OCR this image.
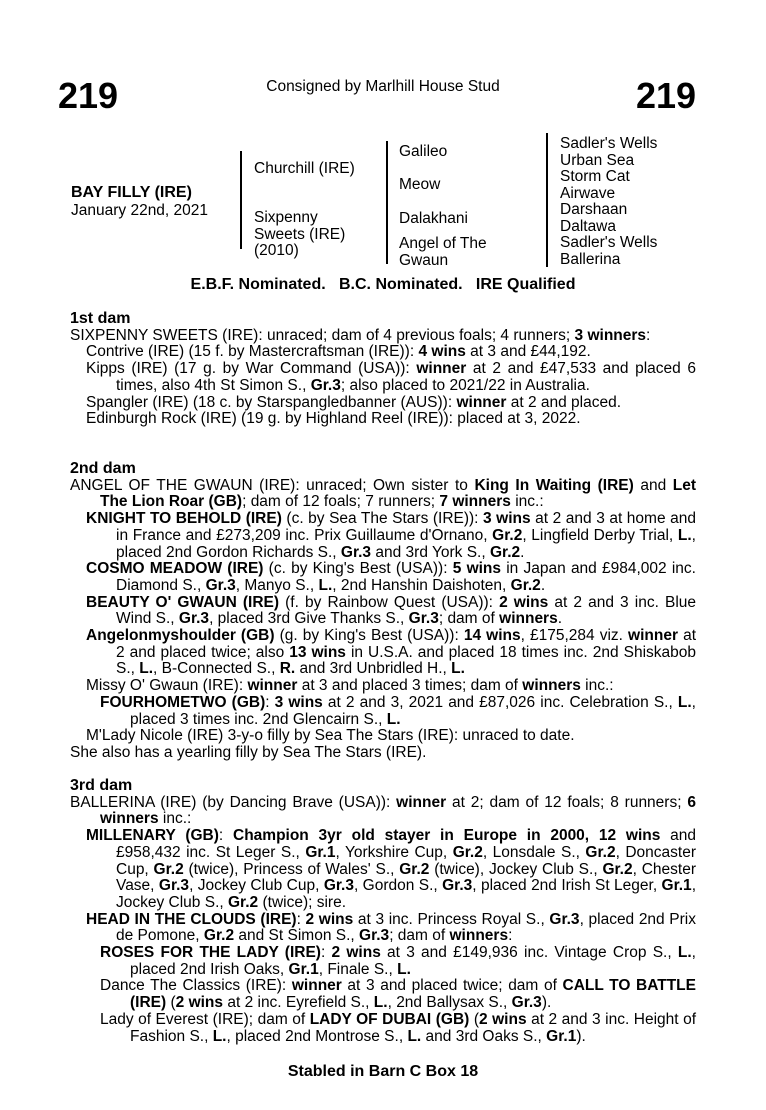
219	Consigned by Marlhill House Stud	219
BAY FILLY (IRE)
January 22nd, 2021
Churchill (IRE)
Sixpenny
Sweets (IRE)
(2010)
Galileo
Meow
Dalakhani
Angel of The
Gwaun
Sadler's Wells
Urban Sea
Storm Cat
Airwave
Darshaan
Daltawa
Sadler's Wells
Ballerina
E.B.F. Nominated.   B.C. Nominated.   IRE Qualified
1st dam
SIXPENNY SWEETS (IRE): unraced; dam of 4 previous foals; 4 runners; 3 winners:
Contrive (IRE) (15 f. by Mastercraftsman (IRE)): 4 wins at 3 and £44,192.
Kipps (IRE) (17 g. by War Command (USA)): winner at 2 and £47,533 and placed 6 times, also 4th St Simon S., Gr.3; also placed to 2021/22 in Australia.
Spangler (IRE) (18 c. by Starspangledbanner (AUS)): winner at 2 and placed.
Edinburgh Rock (IRE) (19 g. by Highland Reel (IRE)): placed at 3, 2022.
2nd dam
ANGEL OF THE GWAUN (IRE): unraced; Own sister to King In Waiting (IRE) and Let The Lion Roar (GB); dam of 12 foals; 7 runners; 7 winners inc.:
KNIGHT TO BEHOLD (IRE) (c. by Sea The Stars (IRE)): 3 wins at 2 and 3 at home and in France and £273,209 inc. Prix Guillaume d'Ornano, Gr.2, Lingfield Derby Trial, L., placed 2nd Gordon Richards S., Gr.3 and 3rd York S., Gr.2.
COSMO MEADOW (IRE) (c. by King's Best (USA)): 5 wins in Japan and £984,002 inc. Diamond S., Gr.3, Manyo S., L., 2nd Hanshin Daishoten, Gr.2.
BEAUTY O' GWAUN (IRE) (f. by Rainbow Quest (USA)): 2 wins at 2 and 3 inc. Blue Wind S., Gr.3, placed 3rd Give Thanks S., Gr.3; dam of winners.
Angelonmyshoulder (GB) (g. by King's Best (USA)): 14 wins, £175,284 viz. winner at 2 and placed twice; also 13 wins in U.S.A. and placed 18 times inc. 2nd Shiskabob S., L., B-Connected S., R. and 3rd Unbridled H., L.
Missy O' Gwaun (IRE): winner at 3 and placed 3 times; dam of winners inc.:
FOURHOMETWO (GB): 3 wins at 2 and 3, 2021 and £87,026 inc. Celebration S., L., placed 3 times inc. 2nd Glencairn S., L.
M'Lady Nicole (IRE) 3-y-o filly by Sea The Stars (IRE): unraced to date.
She also has a yearling filly by Sea The Stars (IRE).
3rd dam
BALLERINA (IRE) (by Dancing Brave (USA)): winner at 2; dam of 12 foals; 8 runners; 6 winners inc.:
MILLENARY (GB): Champion 3yr old stayer in Europe in 2000, 12 wins and £958,432 inc. St Leger S., Gr.1, Yorkshire Cup, Gr.2, Lonsdale S., Gr.2, Doncaster Cup, Gr.2 (twice), Princess of Wales' S., Gr.2 (twice), Jockey Club S., Gr.2, Chester Vase, Gr.3, Jockey Club Cup, Gr.3, Gordon S., Gr.3, placed 2nd Irish St Leger, Gr.1, Jockey Club S., Gr.2 (twice); sire.
HEAD IN THE CLOUDS (IRE): 2 wins at 3 inc. Princess Royal S., Gr.3, placed 2nd Prix de Pomone, Gr.2 and St Simon S., Gr.3; dam of winners:
ROSES FOR THE LADY (IRE): 2 wins at 3 and £149,936 inc. Vintage Crop S., L., placed 2nd Irish Oaks, Gr.1, Finale S., L.
Dance The Classics (IRE): winner at 3 and placed twice; dam of CALL TO BATTLE (IRE) (2 wins at 2 inc. Eyrefield S., L., 2nd Ballysax S., Gr.3).
Lady of Everest (IRE); dam of LADY OF DUBAI (GB) (2 wins at 2 and 3 inc. Height of Fashion S., L., placed 2nd Montrose S., L. and 3rd Oaks S., Gr.1).
Stabled in Barn C Box 18
